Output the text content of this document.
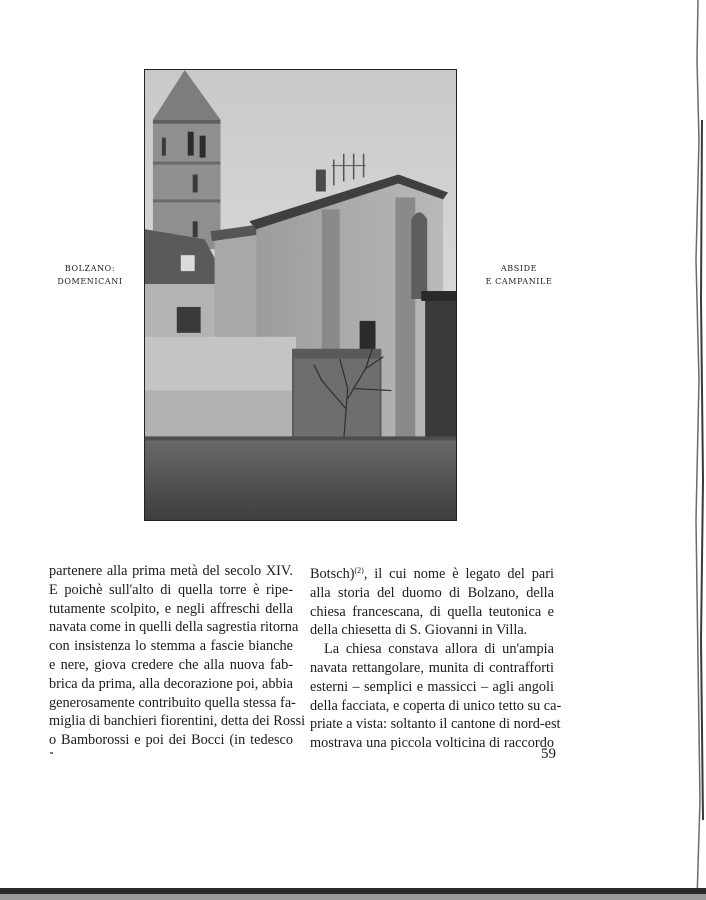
BOLZANO:
DOMENICANI
ABSIDE
E CAMPANILE
partenere alla prima metà del secolo XIV.
E poichè sull'alto di quella torre è ripe-
tutamente scolpito, e negli affreschi della
navata come in quelli della sagrestia ritorna
con insistenza lo stemma a fascie bianche
e nere, giova credere che alla nuova fab-
brica da prima, alla decorazione poi, abbia
generosamente contribuito quella stessa fa-
miglia di banchieri fiorentini, detta dei Rossi
o Bamborossi e poi dei Bocci (in tedesco
Botsch)$^{(2)}$, il cui nome è legato del pari
alla storia del duomo di Bolzano, della
chiesa francescana, di quella teutonica e
della chiesetta di S. Giovanni in Villa.
La chiesa constava allora di un'ampia
navata rettangolare, munita di contrafforti
esterni – semplici e massicci – agli angoli
della facciata, e coperta di unico tetto su ca-
priate a vista: soltanto il cantone di nord-est
mostrava una piccola volticina di raccordo
59
